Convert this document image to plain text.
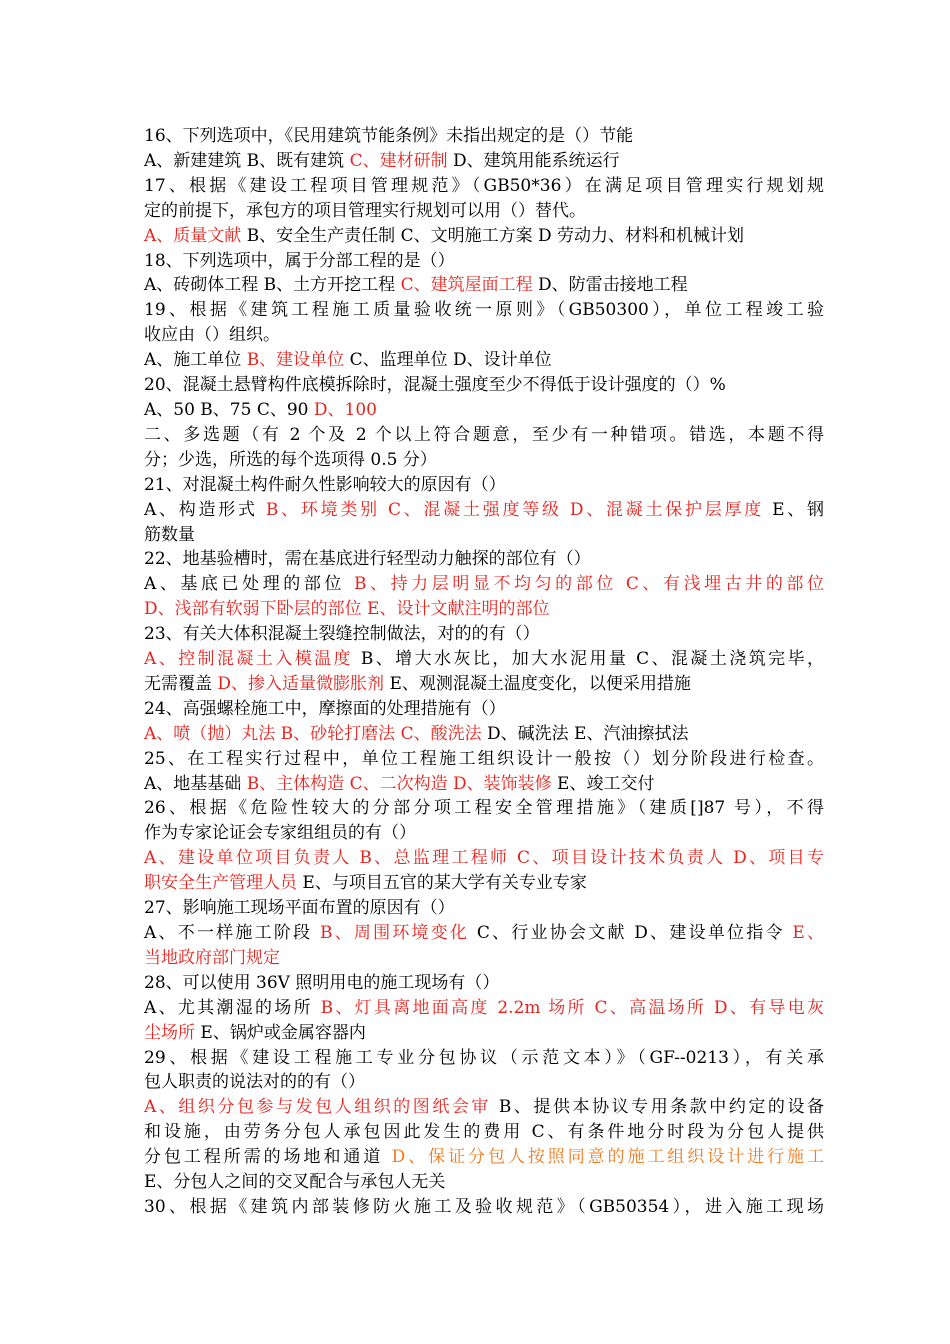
16、下列选项中，《民用建筑节能条例》未指出规定的是（）节能
A、新建建筑 B、既有建筑 C、建材研制 D、建筑用能系统运行
17、根据《建设工程项目管理规范》（GB50*36）在满足项目管理实行规划规
定的前提下，承包方的项目管理实行规划可以用（）替代。
A、质量文献 B、安全生产责任制 C、文明施工方案 D 劳动力、材料和机械计划
18、下列选项中，属于分部工程的是（）
A、砖砌体工程 B、土方开挖工程 C、建筑屋面工程 D、防雷击接地工程
19、根据《建筑工程施工质量验收统一原则》（GB50300），单位工程竣工验
收应由（）组织。
A、施工单位 B、建设单位 C、监理单位 D、设计单位
20、混凝土悬臂构件底模拆除时，混凝土强度至少不得低于设计强度的（）%
A、50 B、75 C、90 D、100
二、多选题（有 2 个及 2 个以上符合题意，至少有一种错项。错选，本题不得
分；少选，所选的每个选项得 0.5 分）
21、对混凝土构件耐久性影响较大的原因有（）
A、构造形式 B、环境类别 C、混凝土强度等级 D、混凝土保护层厚度 E、钢
筋数量
22、地基验槽时，需在基底进行轻型动力触探的部位有（）
A、基底已处理的部位 B、持力层明显不均匀的部位 C、有浅埋古井的部位
D、浅部有软弱下卧层的部位 E、设计文献注明的部位
23、有关大体积混凝土裂缝控制做法，对的的有（）
A、控制混凝土入模温度 B、增大水灰比，加大水泥用量 C、混凝土浇筑完毕，
无需覆盖 D、掺入适量微膨胀剂 E、观测混凝土温度变化，以便采用措施
24、高强螺栓施工中，摩擦面的处理措施有（）
A、喷（抛）丸法 B、砂轮打磨法 C、酸洗法 D、碱洗法 E、汽油擦拭法
25、在工程实行过程中，单位工程施工组织设计一般按（）划分阶段进行检查。
A、地基基础 B、主体构造 C、二次构造 D、装饰装修 E、竣工交付
26、根据《危险性较大的分部分项工程安全管理措施》（建质[]87 号），不得
作为专家论证会专家组组员的有（）
A、建设单位项目负责人 B、总监理工程师 C、项目设计技术负责人 D、项目专
职安全生产管理人员 E、与项目五官的某大学有关专业专家
27、影响施工现场平面布置的原因有（）
A、不一样施工阶段 B、周围环境变化 C、行业协会文献 D、建设单位指令 E、
当地政府部门规定
28、可以使用 36V 照明用电的施工现场有（）
A、尤其潮湿的场所 B、灯具离地面高度 2.2m 场所 C、高温场所 D、有导电灰
尘场所 E、锅炉或金属容器内
29、根据《建设工程施工专业分包协议（示范文本）》（GF--0213），有关承
包人职责的说法对的的有（）
A、组织分包参与发包人组织的图纸会审 B、提供本协议专用条款中约定的设备
和设施，由劳务分包人承包因此发生的费用 C、有条件地分时段为分包人提供
分包工程所需的场地和通道 D、保证分包人按照同意的施工组织设计进行施工
E、分包人之间的交叉配合与承包人无关
30、根据《建筑内部装修防火施工及验收规范》（GB50354），进入施工现场
